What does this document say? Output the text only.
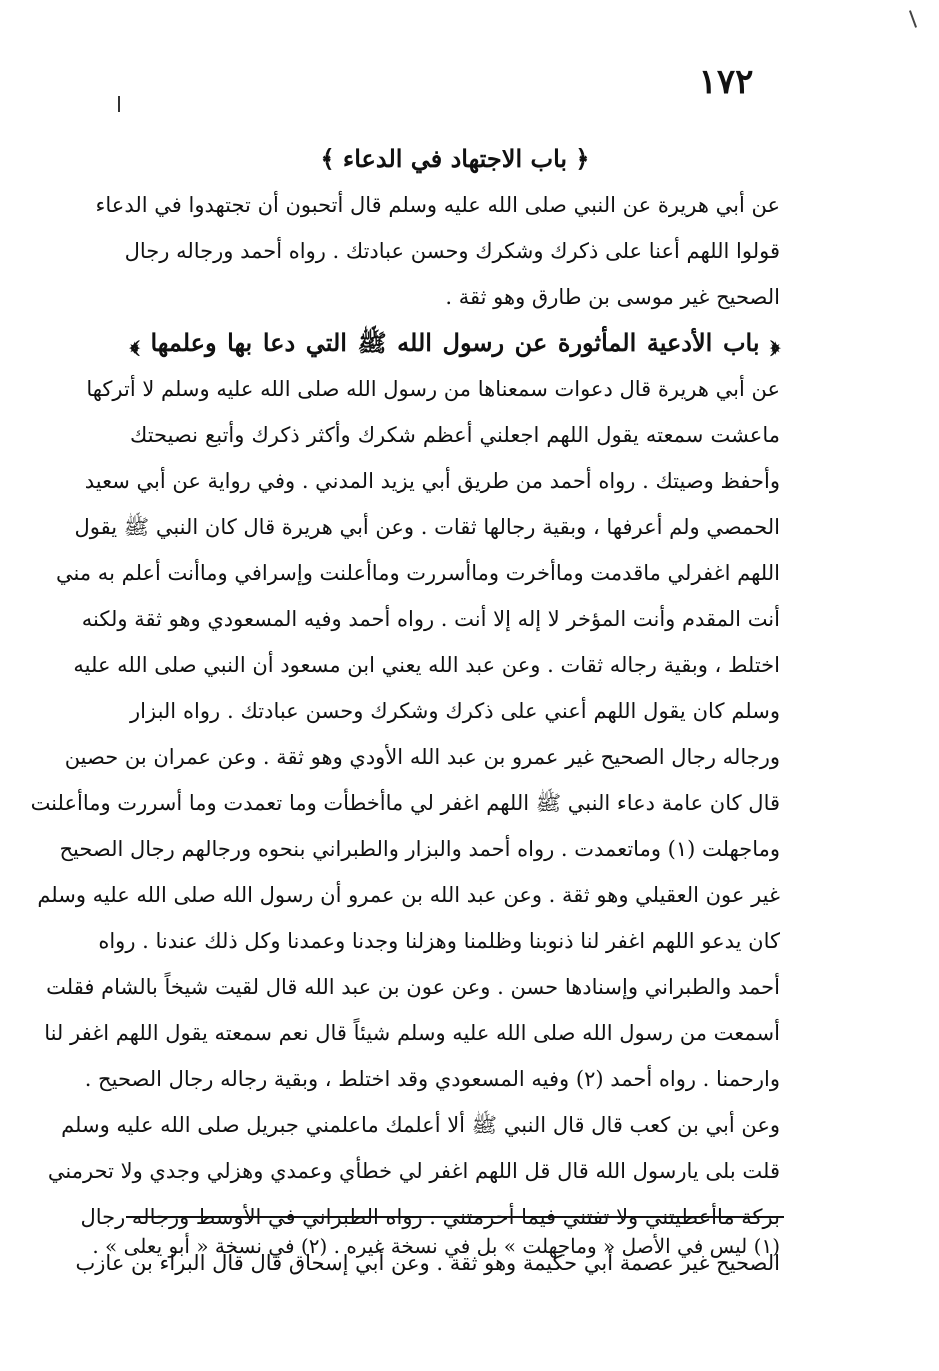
١٧٢
﴿ باب الاجتهاد في الدعاء ﴾
عن أبي هريرة عن النبي صلى الله عليه وسلم قال أتحبون أن تجتهدوا في الدعاء
قولوا اللهم أعنا على ذكرك وشكرك وحسن عبادتك . رواه أحمد ورجاله رجال
الصحيح غير موسى بن طارق وهو ثقة .
﴿ باب الأدعية المأثورة عن رسول الله ﷺ التي دعا بها وعلمها ﴾
عن أبي هريرة قال دعوات سمعناها من رسول الله صلى الله عليه وسلم لا أتركها
ماعشت سمعته يقول اللهم اجعلني أعظم شكرك وأكثر ذكرك وأتبع نصيحتك
وأحفظ وصيتك . رواه أحمد من طريق أبي يزيد المدني . وفي رواية عن أبي سعيد
الحمصي ولم أعرفها ، وبقية رجالها ثقات . وعن أبي هريرة قال كان النبي ﷺ يقول
اللهم اغفرلي ماقدمت وماأخرت وماأسررت وماأعلنت وإسرافي وماأنت أعلم به مني
أنت المقدم وأنت المؤخر لا إله إلا أنت . رواه أحمد وفيه المسعودي وهو ثقة ولكنه
اختلط ، وبقية رجاله ثقات . وعن عبد الله يعني ابن مسعود أن النبي صلى الله عليه
وسلم كان يقول اللهم أعني على ذكرك وشكرك وحسن عبادتك . رواه البزار
ورجاله رجال الصحيح غير عمرو بن عبد الله الأودي وهو ثقة . وعن عمران بن حصين
قال كان عامة دعاء النبي ﷺ اللهم اغفر لي ماأخطأت وما تعمدت وما أسررت وماأعلنت
وماجهلت (١) وماتعمدت . رواه أحمد والبزار والطبراني بنحوه ورجالهم رجال الصحيح
غير عون العقيلي وهو ثقة . وعن عبد الله بن عمرو أن رسول الله صلى الله عليه وسلم
كان يدعو اللهم اغفر لنا ذنوبنا وظلمنا وهزلنا وجدنا وعمدنا وكل ذلك عندنا . رواه
أحمد والطبراني وإسنادها حسن . وعن عون بن عبد الله قال لقيت شيخاً بالشام فقلت
أسمعت من رسول الله صلى الله عليه وسلم شيئاً قال نعم سمعته يقول اللهم اغفر لنا
وارحمنا . رواه أحمد (٢) وفيه المسعودي وقد اختلط ، وبقية رجاله رجال الصحيح .
وعن أبي بن كعب قال قال النبي ﷺ ألا أعلمك ماعلمني جبريل صلى الله عليه وسلم
قلت بلى يارسول الله قال قل اللهم اغفر لي خطأي وعمدي وهزلي وجدي ولا تحرمني
بركة ماأعطيتني ولا تفتني فيما أحرمتني . رواه الطبراني في الأوسط ورجاله رجال
الصحيح غير عصمة أبي حكيمة وهو ثقة . وعن أبي إسحاق قال قال البراء بن عازب
(١) ليس في الأصل « وماجهلت » بل في نسخة غيره . (٢) في نسخة « أبو يعلى » .
